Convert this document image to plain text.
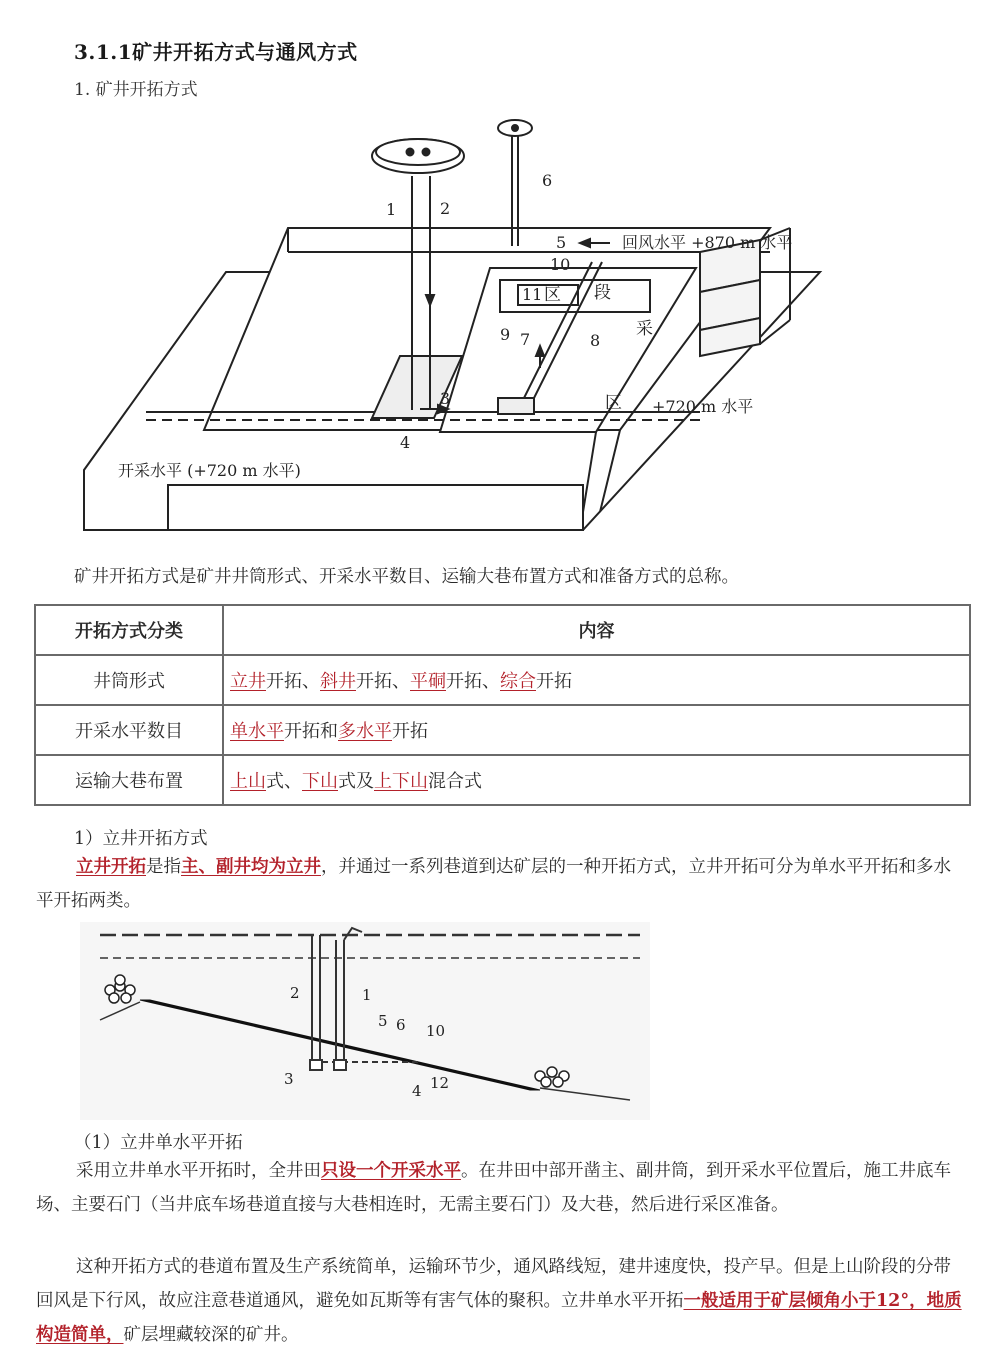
3.1.1矿井开拓方式与通风方式
1. 矿井开拓方式
1	2
3
4
5
6
7	8
9
10
11 区 段
回风水平 +870 m 水平
采
区 +720 m 水平
开采水平 (+720 m 水平)
矿井开拓方式是矿井井筒形式、开采水平数目、运输大巷布置方式和准备方式的总称。
开拓方式分类	内容
井筒形式	立井开拓、斜井开拓、平硐开拓、综合开拓
开采水平数目	单水平开拓和多水平开拓
运输大巷布置	上山式、下山式及上下山混合式
1）立井开拓方式
立井开拓是指主、副井均为立井，并通过一系列巷道到达矿层的一种开拓方式，立井开拓可分为单水平开拓和多水平开拓两类。
1
2
3
4
5 6 10
12
（1）立井单水平开拓
采用立井单水平开拓时，全井田只设一个开采水平。在井田中部开凿主、副井筒，到开采水平位置后，施工井底车场、主要石门（当井底车场巷道直接与大巷相连时，无需主要石门）及大巷，然后进行采区准备。
这种开拓方式的巷道布置及生产系统简单，运输环节少，通风路线短，建井速度快，投产早。但是上山阶段的分带回风是下行风，故应注意巷道通风，避免如瓦斯等有害气体的聚积。立井单水平开拓一般适用于矿层倾角小于12°，地质构造简单，矿层埋藏较深的矿井。
